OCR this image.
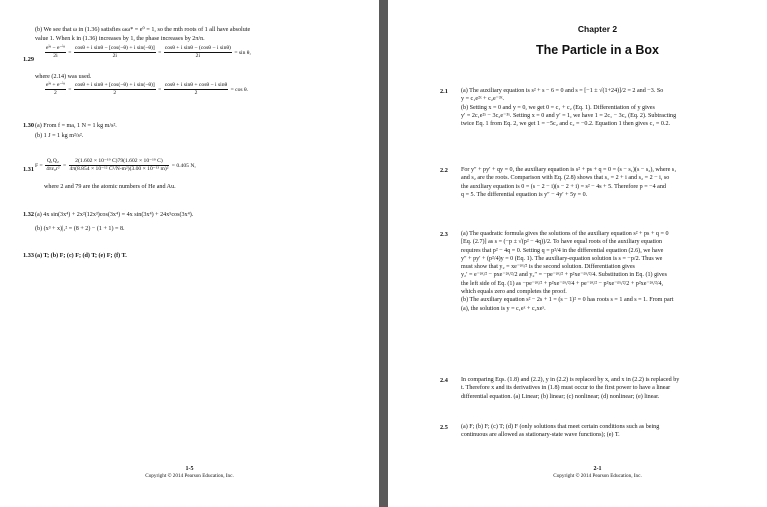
(b) We see that ω in (1.36) satisfies ωω* = e⁰ = 1, so the mth roots of 1 all have absolute
value 1. When k in (1.36) increases by 1, the phase increases by 2π/n.
$1.29 \frac{\text{eⁱᶿ − e⁻ⁱᶿ}}{2i} = \frac{\text{cosθ + i sinθ − [cos(−θ) + i sin(−θ)]}}{2i} = \frac{\text{cosθ + i sinθ − (cosθ − i sinθ)}}{2i} = \sin \theta$,
where (2.14) was used.
$\frac{\text{eⁱᶿ + e⁻ⁱᶿ}}{2} = \frac{\text{cosθ + i sinθ + [cos(−θ) + i sin(−θ)]}}{2} = \frac{\text{cosθ + i sinθ + cosθ − i sinθ}}{2} = \cos \theta$.
1.30 (a) From f = ma, 1 N = 1 kg m/s².
(b) 1 J = 1 kg m²/s².
1.31
$F = \frac{\text{Q₁Q₂}}{\text{4πε₀r²}} = \frac{\text{2(1.602 × 10⁻¹⁹ C)79(1.602 × 10⁻¹⁹ C)}}{\text{4π(8.854 × 10⁻¹² C²/N-m²)(3.00 × 10⁻¹³ m)²}} = 0.405$ N,
where 2 and 79 are the atomic numbers of He and Au.
1.32 (a) 4x sin(3x⁴) + 2x²(12x³)cos(3x⁴) = 4x sin(3x⁴) + 24x⁵cos(3x⁴).
(b) (x³ + x)|₁² = (8 + 2) − (1 + 1) = 8.
1.33 (a) T; (b) F; (c) F; (d) T; (e) F; (f) T.
1-5
Copyright © 2014 Pearson Education, Inc.
Chapter 2
The Particle in a Box
2.1 (a) The auxiliary equation is s² + s − 6 = 0 and s = [−1 ± √(1+24)]/2 = 2 and −3. So

y = c₁e²ˣ + c₂e⁻³ˣ.

(b) Setting x = 0 and y = 0, we get 0 = c₁ + c₂ (Eq. 1). Differentiation of y gives

y′ = 2c₁e²ˣ − 3c₂e⁻³ˣ. Setting x = 0 and y′ = 1, we have 1 = 2c₁ − 3c₂ (Eq. 2). Subtracting

twice Eq. 1 from Eq. 2, we get 1 = −5c₂ and c₂ = −0.2. Equation 1 then gives c₁ = 0.2.

2.2 For y″ + py′ + qy = 0, the auxiliary equation is s² + ps + q = 0 = (s − s₁)(s − s₂), where s₁

and s₂ are the roots. Comparison with Eq. (2.8) shows that s₁ = 2 + i and s₂ = 2 − i, so

the auxiliary equation is 0 = (s − 2 − i)(s − 2 + i) = s² − 4s + 5. Therefore p = −4 and

q = 5. The differential equation is y″ − 4y′ + 5y = 0.

2.3 (a) The quadratic formula gives the solutions of the auxiliary equation s² + ps + q = 0

[Eq. (2.7)] as s = (−p ± √(p² − 4q))/2. To have equal roots of the auxiliary equation

requires that p² − 4q = 0. Setting q = p²/4 in the differential equation (2.6), we have

y″ + py′ + (p²/4)y = 0 (Eq. 1). The auxiliary-equation solution is s = −p/2. Thus we

must show that y₂ = xe⁻ᵖˣ/² is the second solution. Differentiation gives

y₂′ = e⁻ᵖˣ/² − pxe⁻ᵖˣ/²/2 and y₂″ = −pe⁻ᵖˣ/² + p²xe⁻ᵖˣ/²/4. Substitution in Eq. (1) gives

the left side of Eq. (1) as −pe⁻ᵖˣ/² + p²xe⁻ᵖˣ/²/4 + pe⁻ᵖˣ/² − p²xe⁻ᵖˣ/²/2 + p²xe⁻ᵖˣ/²/4,

which equals zero and completes the proof.

(b) The auxiliary equation s² − 2s + 1 = (s − 1)² = 0 has roots s = 1 and s = 1. From part

(a), the solution is y = c₁eˣ + c₂xeˣ.

2.4 In comparing Eqs. (1.8) and (2.2), y in (2.2) is replaced by x, and x in (2.2) is replaced by

t. Therefore x and its derivatives in (1.8) must occur to the first power to have a linear

differential equation. (a) Linear; (b) linear; (c) nonlinear; (d) nonlinear; (e) linear.

2.5 (a) F; (b) F; (c) T; (d) F (only solutions that meet certain conditions such as being

continuous are allowed as stationary-state wave functions); (e) T.

2-1
Copyright © 2014 Pearson Education, Inc.
